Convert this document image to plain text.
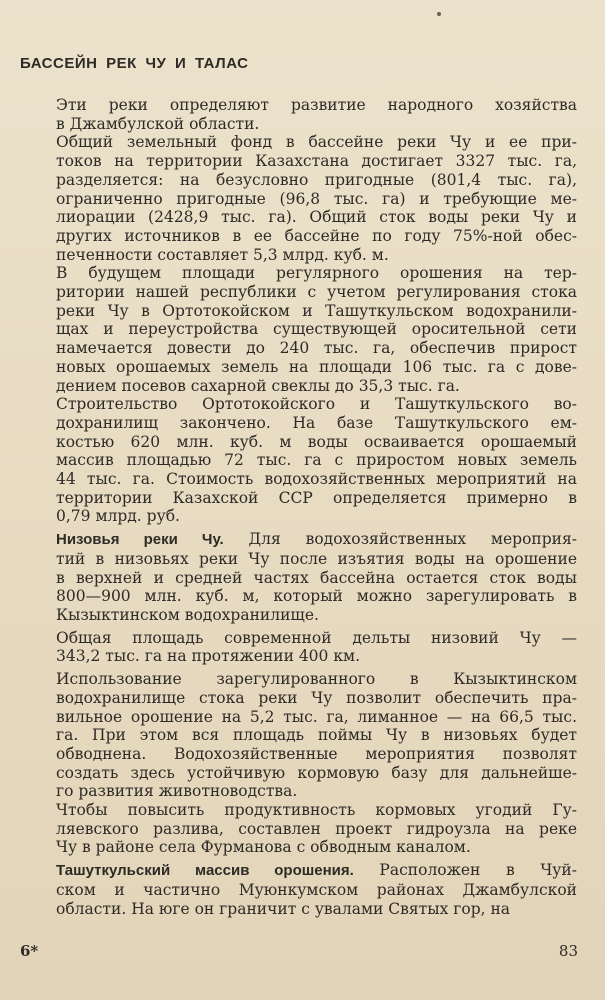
БАССЕЙН РЕК ЧУ И ТАЛАС

Эти реки определяют развитие народного хозяйства
в Джамбулской области.

Общий земельный фонд в бассейне реки Чу и ее при-
токов на территории Казахстана достигает 3327 тыс. га,
разделяется: на безусловно пригодные (801,4 тыс. га),
ограниченно пригодные (96,8 тыс. га) и требующие ме-
лиорации (2428,9 тыс. га). Общий сток воды реки Чу и
других источников в ее бассейне по году 75%-ной обес-
печенности составляет 5,3 млрд. куб. м.

В будущем площади регулярного орошения на тер-
ритории нашей республики с учетом регулирования стока
реки Чу в Ортотокойском и Ташуткульском водохранили-
щах и переустройства существующей оросительной сети
намечается довести до 240 тыс. га, обеспечив прирост
новых орошаемых земель на площади 106 тыс. га с дове-
дением посевов сахарной свеклы до 35,3 тыс. га.

Строительство Ортотокойского и Ташуткульского во-
дохранилищ закончено. На базе Ташуткульского ем-
костью 620 млн. куб. м воды осваивается орошаемый
массив площадью 72 тыс. га с приростом новых земель
44 тыс. га. Стоимость водохозяйственных мероприятий на
территории Казахской ССР определяется примерно в
0,79 млрд. руб.

Низовья реки Чу. Для водохозяйственных мероприя-
тий в низовьях реки Чу после изъятия воды на орошение
в верхней и средней частях бассейна остается сток воды
800—900 млн. куб. м, который можно зарегулировать в
Кызыктинском водохранилище.

Общая площадь современной дельты низовий Чу —
343,2 тыс. га на протяжении 400 км.

Использование зарегулированного в Кызыктинском
водохранилище стока реки Чу позволит обеспечить пра-
вильное орошение на 5,2 тыс. га, лиманное — на 66,5 тыс.
га. При этом вся площадь поймы Чу в низовьях будет
обводнена. Водохозяйственные мероприятия позволят
создать здесь устойчивую кормовую базу для дальнейше-
го развития животноводства.

Чтобы повысить продуктивность кормовых угодий Гу-
ляевского разлива, составлен проект гидроузла на реке
Чу в районе села Фурманова с обводным каналом.

Ташуткульский массив орошения. Расположен в Чуй-
ском и частично Муюнкумском районах Джамбулской
области. На юге он граничит с увалами Святых гор, на

6*	83
